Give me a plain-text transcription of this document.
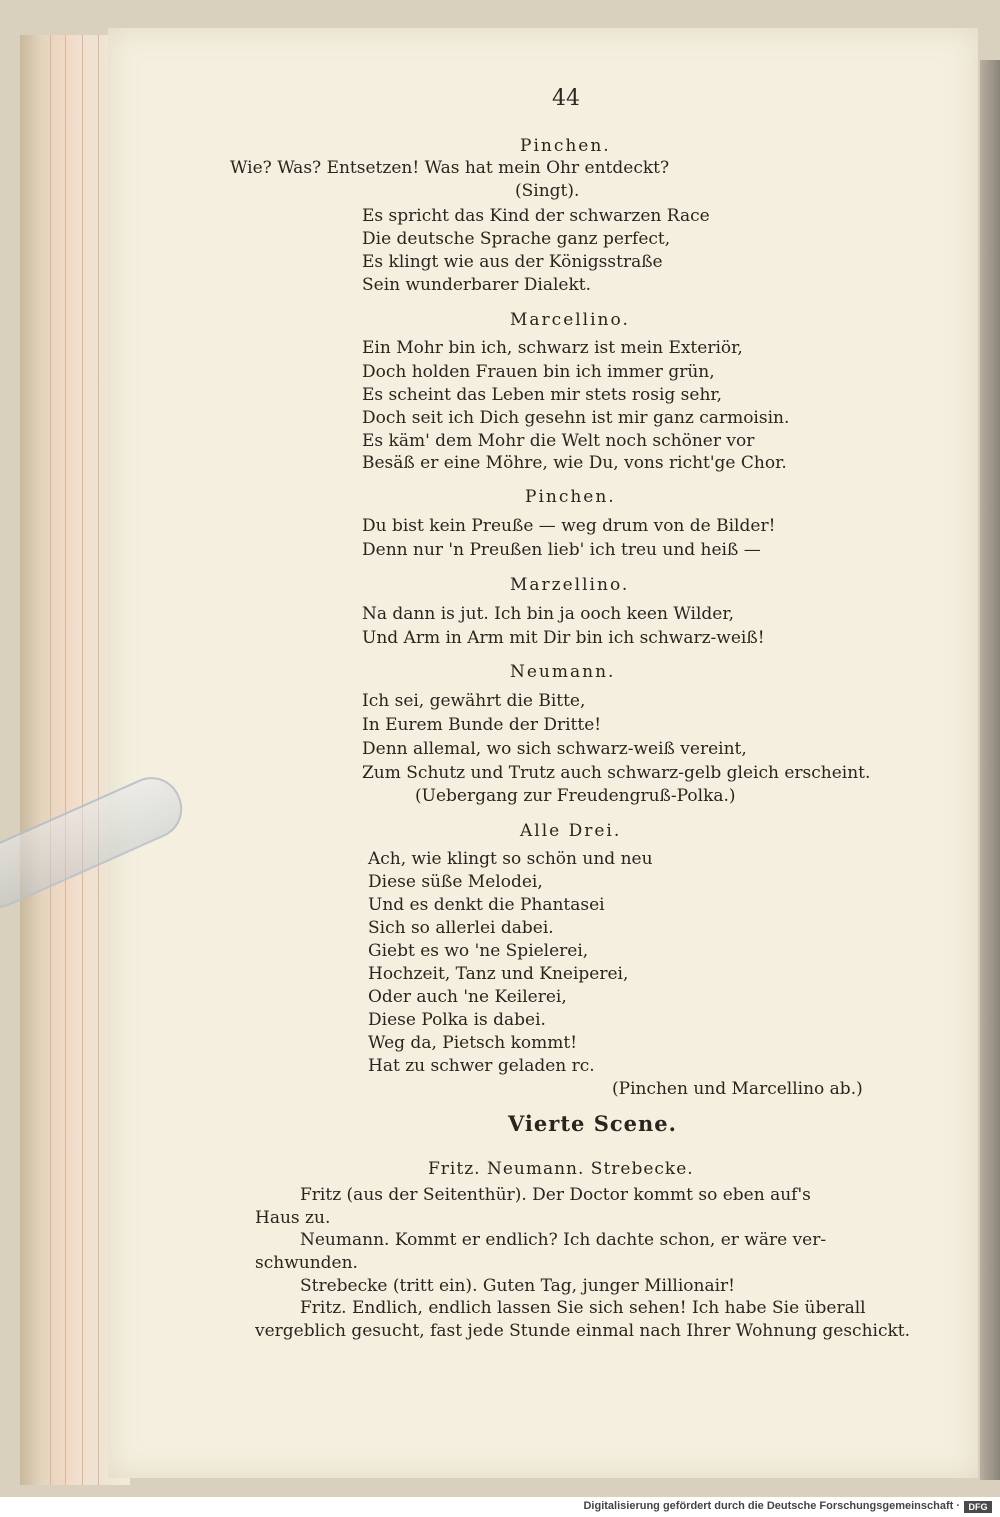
44
Pinchen.
Wie? Was? Entsetzen! Was hat mein Ohr entdeckt?
(Singt).
Es spricht das Kind der schwarzen Race
Die deutsche Sprache ganz perfect,
Es klingt wie aus der Königsstraße
Sein wunderbarer Dialekt.
Marcellino.
Ein Mohr bin ich, schwarz ist mein Exteriör,
Doch holden Frauen bin ich immer grün,
Es scheint das Leben mir stets rosig sehr,
Doch seit ich Dich gesehn ist mir ganz carmoisin.
Es käm' dem Mohr die Welt noch schöner vor
Besäß er eine Möhre, wie Du, vons richt'ge Chor.
Pinchen.
Du bist kein Preuße — weg drum von de Bilder!
Denn nur 'n Preußen lieb' ich treu und heiß —
Marzellino.
Na dann is jut. Ich bin ja ooch keen Wilder,
Und Arm in Arm mit Dir bin ich schwarz-weiß!
Neumann.
Ich sei, gewährt die Bitte,
In Eurem Bunde der Dritte!
Denn allemal, wo sich schwarz-weiß vereint,
Zum Schutz und Trutz auch schwarz-gelb gleich erscheint.
(Uebergang zur Freudengruß-Polka.)
Alle Drei.
Ach, wie klingt so schön und neu
Diese süße Melodei,
Und es denkt die Phantasei
Sich so allerlei dabei.
Giebt es wo 'ne Spielerei,
Hochzeit, Tanz und Kneiperei,
Oder auch 'ne Keilerei,
Diese Polka is dabei.
Weg da, Pietsch kommt!
Hat zu schwer geladen rc.
(Pinchen und Marcellino ab.)
Vierte Scene.
Fritz. Neumann. Strebecke.
Fritz (aus der Seitenthür). Der Doctor kommt so eben auf's
Haus zu.
Neumann. Kommt er endlich? Ich dachte schon, er wäre ver-
schwunden.
Strebecke (tritt ein). Guten Tag, junger Millionair!
Fritz. Endlich, endlich lassen Sie sich sehen! Ich habe Sie überall
vergeblich gesucht, fast jede Stunde einmal nach Ihrer Wohnung geschickt.
Digitalisierung gefördert durch die Deutsche Forschungsgemeinschaft · DFG
